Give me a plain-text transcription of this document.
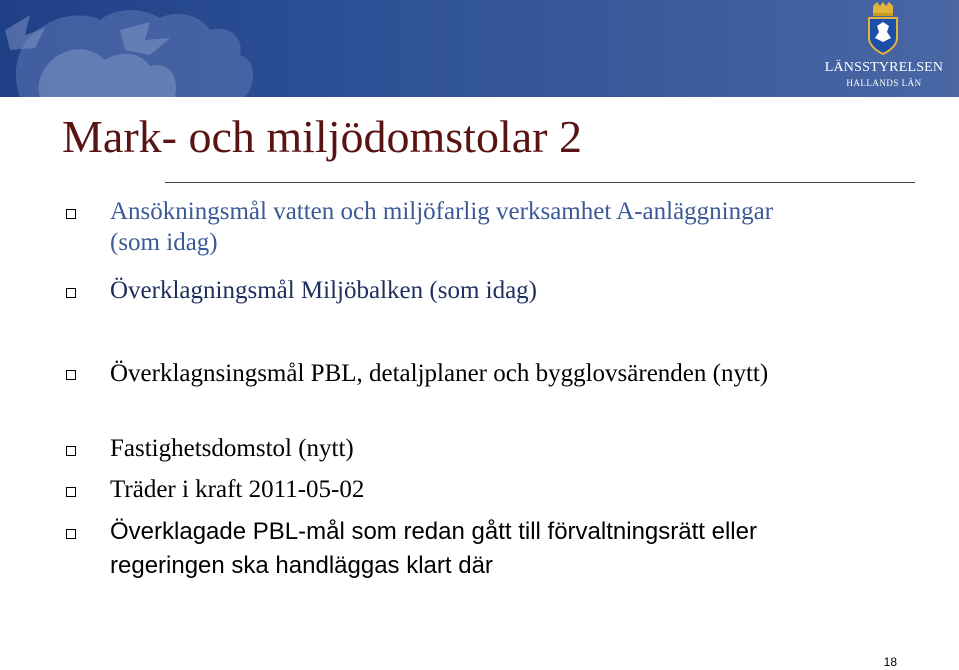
LÄNSSTYRELSEN
HALLANDS LÄN
Mark- och miljödomstolar 2
Ansökningsmål vatten och miljöfarlig verksamhet A-anläggningar (som idag)
Överklagningsmål Miljöbalken (som idag)
Överklagnsingsmål PBL, detaljplaner och bygglovsärenden (nytt)
Fastighetsdomstol (nytt)
Träder i kraft 2011-05-02
Överklagade PBL-mål som redan gått till förvaltningsrätt eller regeringen ska handläggas klart där
18
